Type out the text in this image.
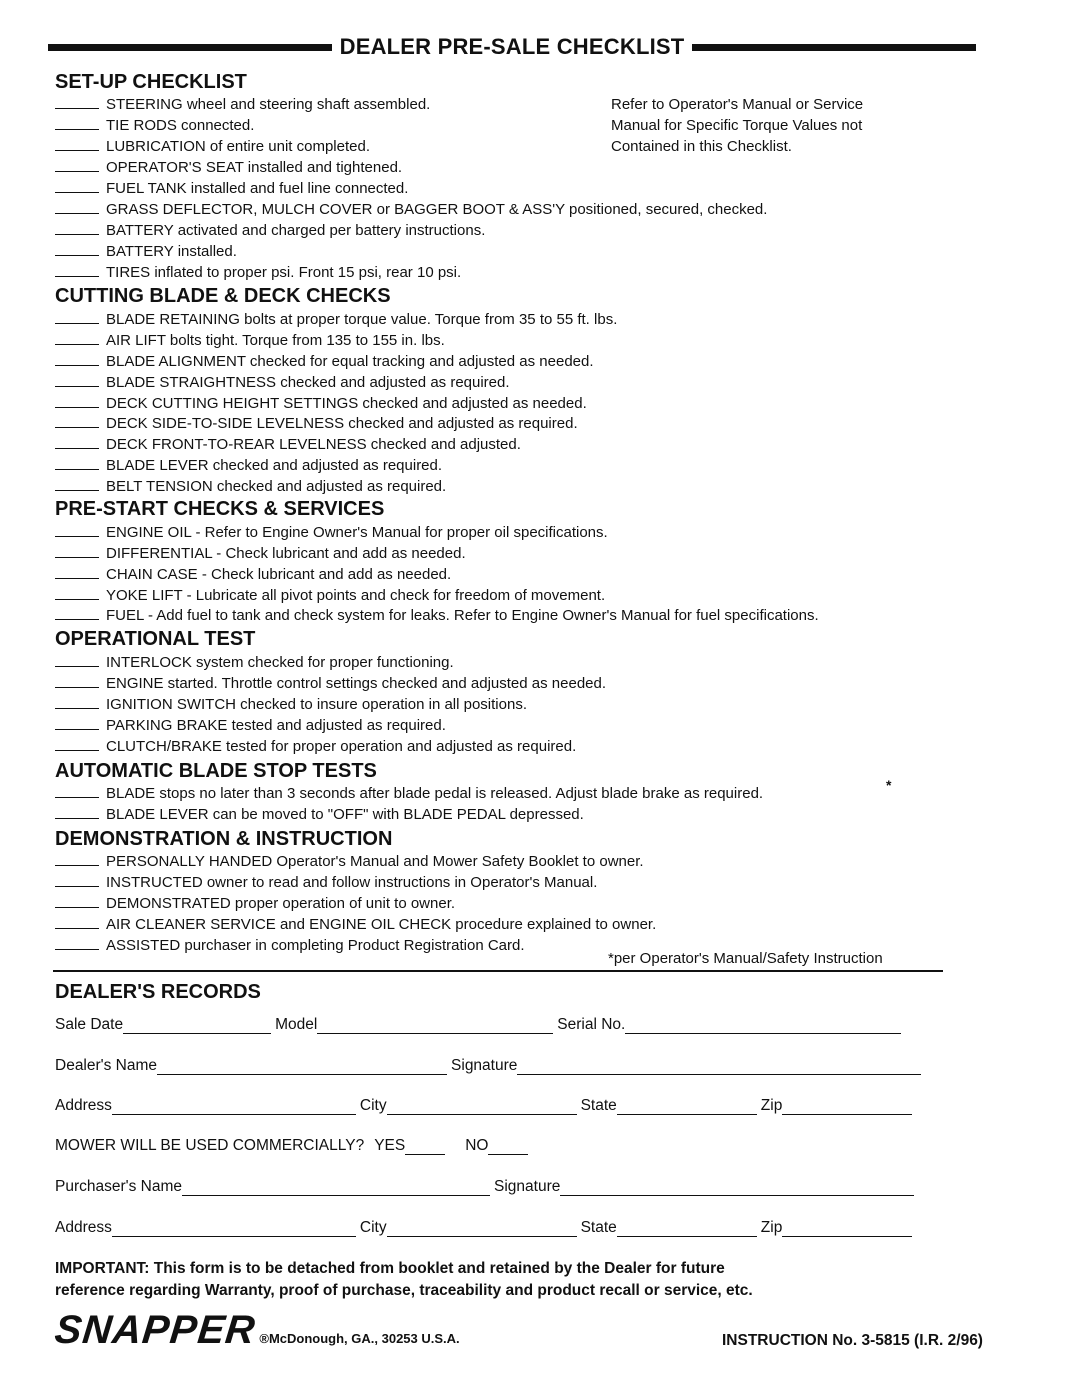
DEALER PRE-SALE CHECKLIST
SET-UP CHECKLIST
STEERING wheel and steering shaft assembled.
TIE RODS connected.
LUBRICATION of entire unit completed.
OPERATOR'S SEAT installed and tightened.
FUEL TANK installed and fuel line connected.
GRASS DEFLECTOR, MULCH COVER or BAGGER BOOT & ASS'Y positioned, secured, checked.
BATTERY activated and charged per battery instructions.
BATTERY installed.
TIRES inflated to proper psi. Front 15 psi, rear 10 psi.
Refer to Operator's Manual or Service
Manual for Specific Torque Values not
Contained in this Checklist.
CUTTING BLADE & DECK CHECKS
BLADE RETAINING bolts at proper torque value. Torque from 35 to 55 ft. lbs.
AIR LIFT bolts tight. Torque from 135 to 155 in. lbs.
BLADE ALIGNMENT checked for equal tracking and adjusted as needed.
BLADE STRAIGHTNESS checked and adjusted as required.
DECK CUTTING HEIGHT SETTINGS checked and adjusted as needed.
DECK SIDE-TO-SIDE LEVELNESS checked and adjusted as required.
DECK FRONT-TO-REAR LEVELNESS checked and adjusted.
BLADE LEVER checked and adjusted as required.
BELT TENSION checked and adjusted as required.
PRE-START CHECKS & SERVICES
ENGINE OIL - Refer to Engine Owner's Manual for proper oil specifications.
DIFFERENTIAL - Check lubricant and add as needed.
CHAIN CASE - Check lubricant and add as needed.
YOKE LIFT - Lubricate all pivot points and check for freedom of movement.
FUEL - Add fuel to tank and check system for leaks. Refer to Engine Owner's Manual for fuel specifications.
OPERATIONAL TEST
INTERLOCK system checked for proper functioning.
ENGINE started. Throttle control settings checked and adjusted as needed.
IGNITION SWITCH checked to insure operation in all positions.
PARKING BRAKE tested and adjusted as required.
CLUTCH/BRAKE tested for proper operation and adjusted as required.
AUTOMATIC BLADE STOP TESTS
BLADE stops no later than 3 seconds after blade pedal is released. Adjust blade brake as required.	*
BLADE LEVER can be moved to "OFF" with BLADE PEDAL depressed.
DEMONSTRATION & INSTRUCTION
PERSONALLY HANDED Operator's Manual and Mower Safety Booklet to owner.
INSTRUCTED owner to read and follow instructions in Operator's Manual.
DEMONSTRATED proper operation of unit to owner.
AIR CLEANER SERVICE and ENGINE OIL CHECK procedure explained to owner.
ASSISTED purchaser in completing Product Registration Card.
*per Operator's Manual/Safety Instruction
DEALER'S RECORDS
Sale Date	Model	Serial No.
Dealer's Name	Signature
Address	City	State	Zip
MOWER WILL BE USED COMMERCIALLY? YES	NO
Purchaser's Name	Signature
Address	City	State	Zip
IMPORTANT: This form is to be detached from booklet and retained by the Dealer for future
reference regarding Warranty, proof of purchase, traceability and product recall or service, etc.
SNAPPER ®McDonough, GA., 30253 U.S.A.	INSTRUCTION No. 3-5815 (I.R. 2/96)
